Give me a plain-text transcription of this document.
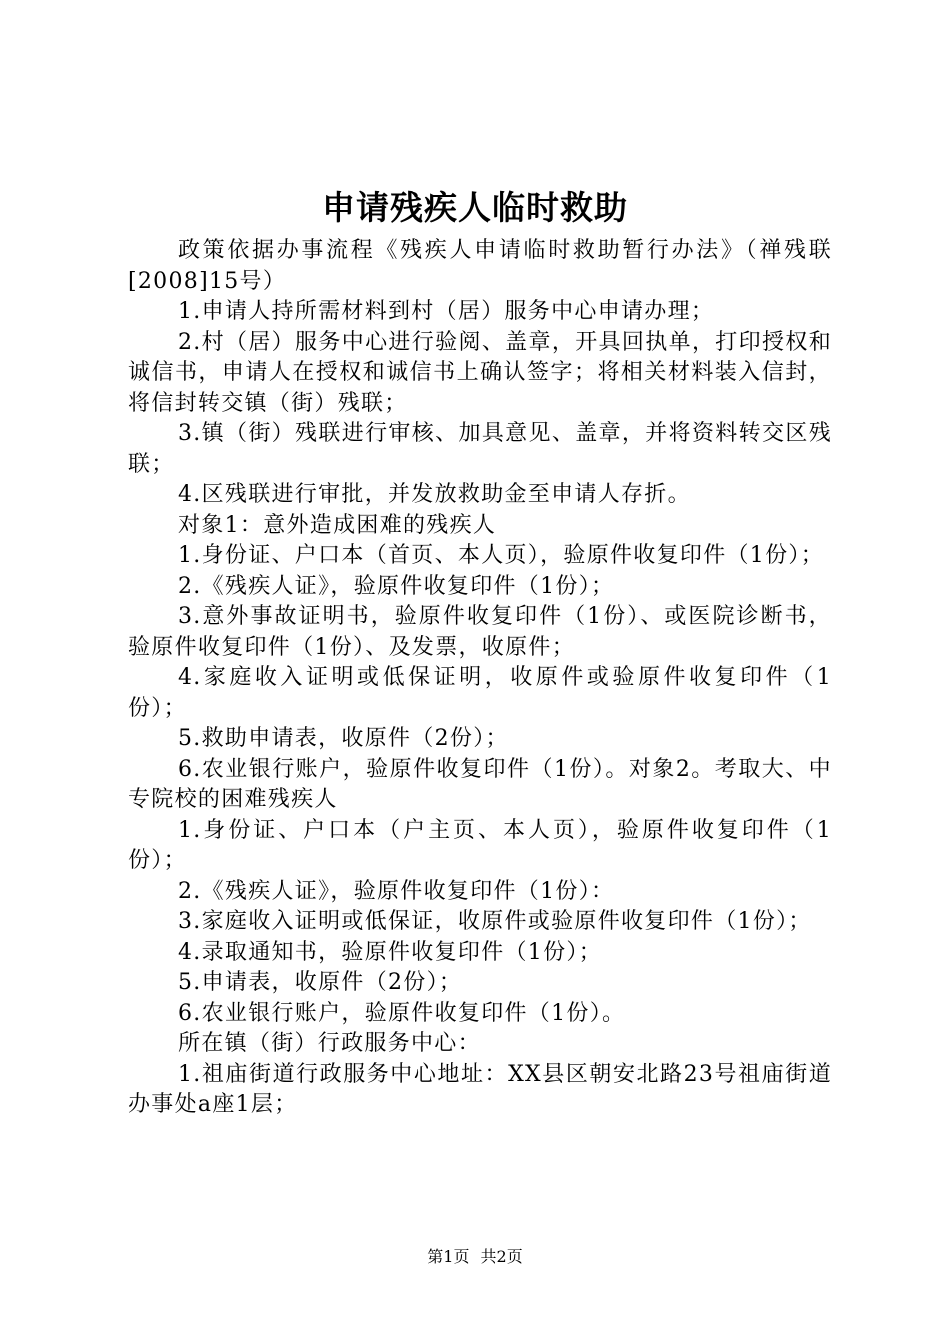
申请残疾人临时救助

政策依据办事流程《残疾人申请临时救助暂行办法》（禅残联[2008]15号）

1.申请人持所需材料到村（居）服务中心申请办理；

2.村（居）服务中心进行验阅、盖章，开具回执单，打印授权和诚信书，申请人在授权和诚信书上确认签字；将相关材料装入信封，将信封转交镇（街）残联；

3.镇（街）残联进行审核、加具意见、盖章，并将资料转交区残联；

4.区残联进行审批，并发放救助金至申请人存折。

对象1：意外造成困难的残疾人

1.身份证、户口本（首页、本人页），验原件收复印件（1份）；

2.《残疾人证》，验原件收复印件（1份）；

3.意外事故证明书，验原件收复印件（1份）、或医院诊断书，验原件收复印件（1份）、及发票，收原件；

4.家庭收入证明或低保证明，收原件或验原件收复印件（1份）；

5.救助申请表，收原件（2份）；

6.农业银行账户，验原件收复印件（1份）。对象2。考取大、中专院校的困难残疾人

1.身份证、户口本（户主页、本人页），验原件收复印件（1份）；

2.《残疾人证》，验原件收复印件（1份）：

3.家庭收入证明或低保证，收原件或验原件收复印件（1份）；

4.录取通知书，验原件收复印件（1份）；

5.申请表，收原件（2份）；

6.农业银行账户，验原件收复印件（1份）。

所在镇（街）行政服务中心：

1.祖庙街道行政服务中心地址：XX县区朝安北路23号祖庙街道办事处a座1层；

第1页 共2页
